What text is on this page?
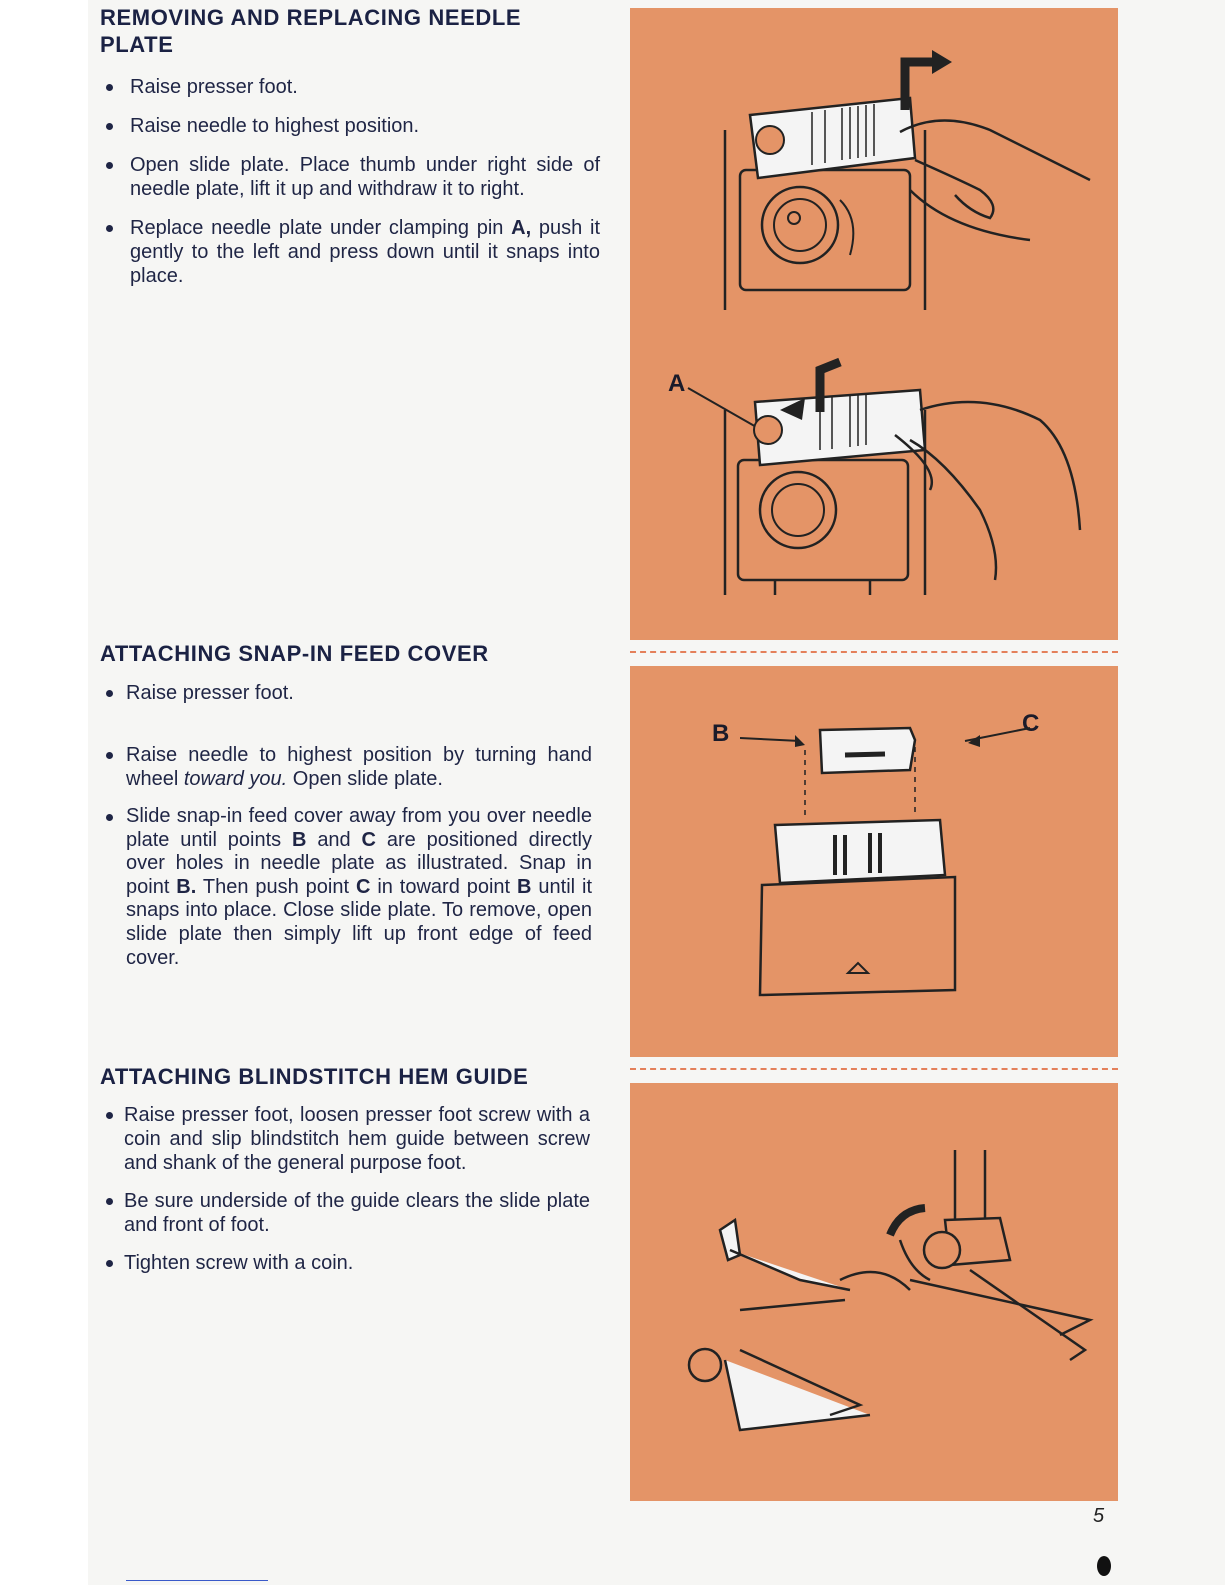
REMOVING AND REPLACING NEEDLE PLATE
Raise presser foot.
Raise needle to highest position.
Open slide plate. Place thumb under right side of needle plate, lift it up and withdraw it to right.
Replace needle plate under clamping pin A, push it gently to the left and press down until it snaps into place.
ATTACHING SNAP-IN FEED COVER
Raise presser foot.
Raise needle to highest position by turning hand wheel toward you. Open slide plate.
Slide snap-in feed cover away from you over needle plate until points B and C are positioned directly over holes in needle plate as illustrated. Snap in point B. Then push point C in toward point B until it snaps into place. Close slide plate. To remove, open slide plate then simply lift up front edge of feed cover.
ATTACHING BLINDSTITCH HEM GUIDE
Raise presser foot, loosen presser foot screw with a coin and slip blindstitch hem guide between screw and shank of the general purpose foot.
Be sure underside of the guide clears the slide plate and front of foot.
Tighten screw with a coin.
A
B	C
5
